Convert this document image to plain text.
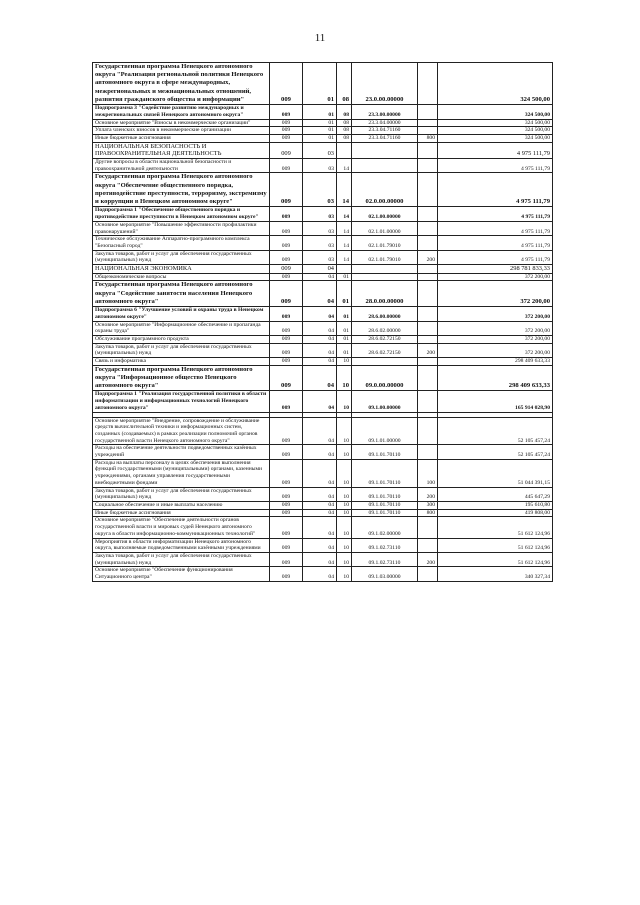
11
Государственная программа Ненецкого автономного округа "Реализация региональной политики Ненецкого автономного округа в сфере международных, межрегиональных и межнациональных отношений, развития гражданского общества и информации"	009	01	08	23.0.00.00000		324 500,00
Подпрограмма 3 "Содействие развитию международных и межрегиональных связей Ненецкого автономного округа"	009	01	08	23.3.00.00000		324 500,00
Основное мероприятие "Взносы в некоммерческие организации"	009	01	08	23.3.04.00000		324 500,00
Уплата членских взносов в некоммерческие организации	009	01	08	23.3.04.71160		324 500,00
Иные бюджетные ассигнования	009	01	08	23.3.04.71160	800	324 500,00
НАЦИОНАЛЬНАЯ БЕЗОПАСНОСТЬ И ПРАВООХРАНИТЕЛЬНАЯ ДЕЯТЕЛЬНОСТЬ	009	03				4 975 111,79
Другие вопросы в области национальной безопасности и правоохранительной деятельности	009	03	14			4 975 111,79
Государственная программа Ненецкого автономного округа "Обеспечение общественного порядка, противодействие преступности, терроризму, экстремизму и коррупции в Ненецком автономном округе"	009	03	14	02.0.00.00000		4 975 111,79
Подпрограмма 1 "Обеспечение общественного порядка и противодействие преступности в Ненецком автономном округе"	009	03	14	02.1.00.00000		4 975 111,79
Основное мероприятие "Повышение эффективности профилактики правонарушений"	009	03	14	02.1.01.00000		4 975 111,79
Техническое обслуживание Аппаратно-программного комплекса "Безопасный город"	009	03	14	02.1.01.79010		4 975 111,79
Закупка товаров, работ и услуг для обеспечения государственных (муниципальных) нужд	009	03	14	02.1.01.79010	200	4 975 111,79
НАЦИОНАЛЬНАЯ ЭКОНОМИКА	009	04				298 781 833,33
Общеэкономические вопросы	009	04	01			372 200,00
Государственная программа Ненецкого автономного округа "Содействие занятости населения Ненецкого автономного округа"	009	04	01	28.0.00.00000		372 200,00
Подпрограмма 6 "Улучшение условий и охраны труда в Ненецком автономном округе"	009	04	01	28.6.00.00000		372 200,00
Основное мероприятие "Информационное обеспечение и пропаганда охраны труда"	009	04	01	28.6.02.00000		372 200,00
Обслуживание программного продукта	009	04	01	28.6.02.72150		372 200,00
Закупка товаров, работ и услуг для обеспечения государственных (муниципальных) нужд	009	04	01	28.6.02.72150	200	372 200,00
Связь и информатика	009	04	10			298 409 633,33
Государственная программа Ненецкого автономного округа "Информационное общество Ненецкого автономного округа"	009	04	10	09.0.00.00000		298 409 633,33
Подпрограмма 1 "Реализация государственной политики в области информатизации и информационных технологий Ненецкого автономного округа"	009	04	10	09.1.00.00000		165 914 028,90

Основное мероприятие "Внедрение, сопровождение и обслуживание средств вычислительной техники и информационных систем, созданных (создаваемых) в рамках реализации полномочий органов государственной власти Ненецкого автономного округа"	009	04	10	09.1.01.00000		52 105 457,24
Расходы на обеспечение деятельности подведомственных казённых учреждений	009	04	10	09.1.01.70110		52 105 457,24
Расходы на выплаты персоналу в целях обеспечения выполнения функций государственными (муниципальными) органами, казенными учреждениями, органами управления государственными внебюджетными фондами	009	04	10	09.1.01.70110	100	51 044 391,15
Закупка товаров, работ и услуг для обеспечения государственных (муниципальных) нужд	009	04	10	09.1.01.70110	200	445 647,29
Социальное обеспечение и иные выплаты населению	009	04	10	09.1.01.70110	300	195 610,80
Иные бюджетные ассигнования	009	04	10	09.1.01.70110	800	419 808,00
Основное мероприятие "Обеспечение деятельности органов государственной власти и мировых судей Ненецкого автономного округа в области информационно-коммуникационных технологий"	009	04	10	09.1.02.00000		51 612 124,96
Мероприятия в области информатизации Ненецкого автономного округа, выполняемые подведомственными казёнными учреждениями	009	04	10	09.1.02.73110		51 612 124,96
Закупка товаров, работ и услуг для обеспечения государственных (муниципальных) нужд	009	04	10	09.1.02.73110	200	51 612 124,96
Основное мероприятие "Обеспечение функционирования Ситуационного центра"	009	04	10	09.1.03.00000		340 327,34
